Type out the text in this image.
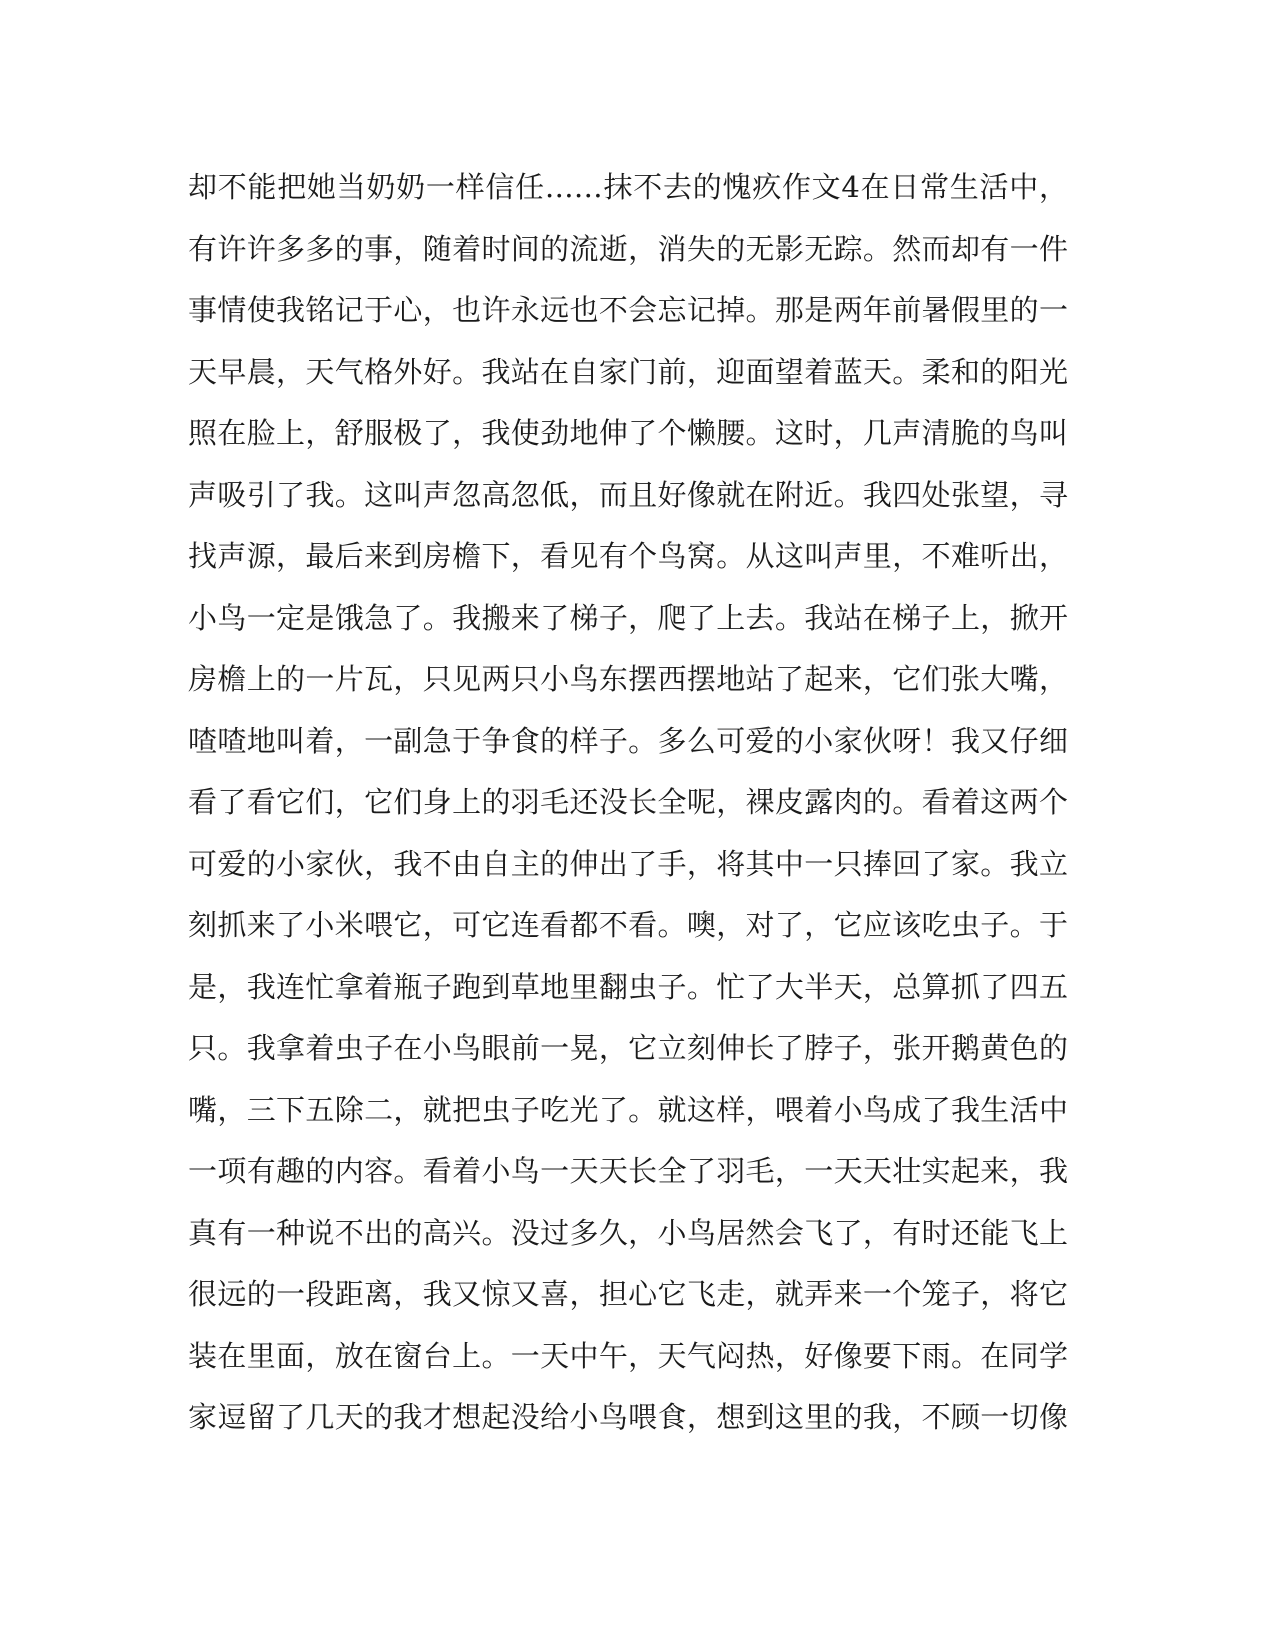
却不能把她当奶奶一样信任……抹不去的愧疚作文4在日常生活中，
有许许多多的事，随着时间的流逝，消失的无影无踪。然而却有一件
事情使我铭记于心，也许永远也不会忘记掉。那是两年前暑假里的一
天早晨，天气格外好。我站在自家门前，迎面望着蓝天。柔和的阳光
照在脸上，舒服极了，我使劲地伸了个懒腰。这时，几声清脆的鸟叫
声吸引了我。这叫声忽高忽低，而且好像就在附近。我四处张望，寻
找声源，最后来到房檐下，看见有个鸟窝。从这叫声里，不难听出，
小鸟一定是饿急了。我搬来了梯子，爬了上去。我站在梯子上，掀开
房檐上的一片瓦，只见两只小鸟东摆西摆地站了起来，它们张大嘴，
喳喳地叫着，一副急于争食的样子。多么可爱的小家伙呀！我又仔细
看了看它们，它们身上的羽毛还没长全呢，裸皮露肉的。看着这两个
可爱的小家伙，我不由自主的伸出了手，将其中一只捧回了家。我立
刻抓来了小米喂它，可它连看都不看。噢，对了，它应该吃虫子。于
是，我连忙拿着瓶子跑到草地里翻虫子。忙了大半天，总算抓了四五
只。我拿着虫子在小鸟眼前一晃，它立刻伸长了脖子，张开鹅黄色的
嘴，三下五除二，就把虫子吃光了。就这样，喂着小鸟成了我生活中
一项有趣的内容。看着小鸟一天天长全了羽毛，一天天壮实起来，我
真有一种说不出的高兴。没过多久，小鸟居然会飞了，有时还能飞上
很远的一段距离，我又惊又喜，担心它飞走，就弄来一个笼子，将它
装在里面，放在窗台上。一天中午，天气闷热，好像要下雨。在同学
家逗留了几天的我才想起没给小鸟喂食，想到这里的我，不顾一切像
